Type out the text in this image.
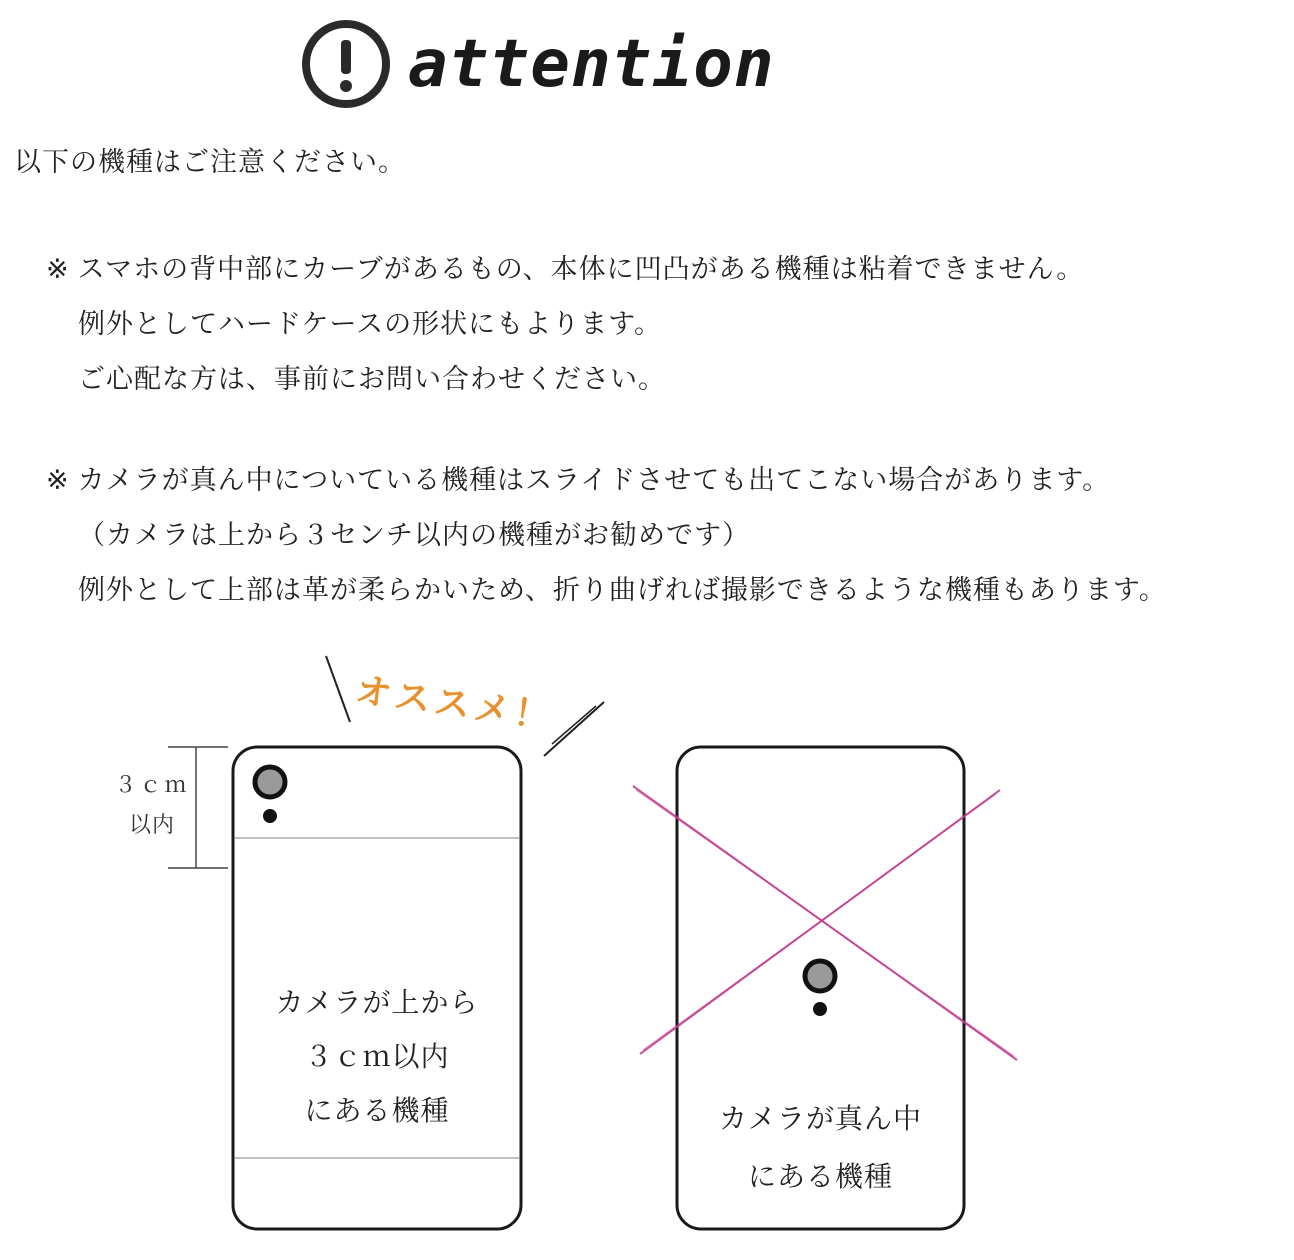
attention
以下の機種はご注意ください。
※ スマホの背中部にカーブがあるもの、本体に凹凸がある機種は粘着できません。
例外としてハードケースの形状にもよります。
ご心配な方は、事前にお問い合わせください。
※ カメラが真ん中についている機種はスライドさせても出てこない場合があります。
（カメラは上から３センチ以内の機種がお勧めです）
例外として上部は革が柔らかいため、折り曲げれば撮影できるような機種もあります。
オススメ！
３ｃｍ
以内
カメラが上から
３ｃｍ以内
にある機種	カメラが真ん中
にある機種
